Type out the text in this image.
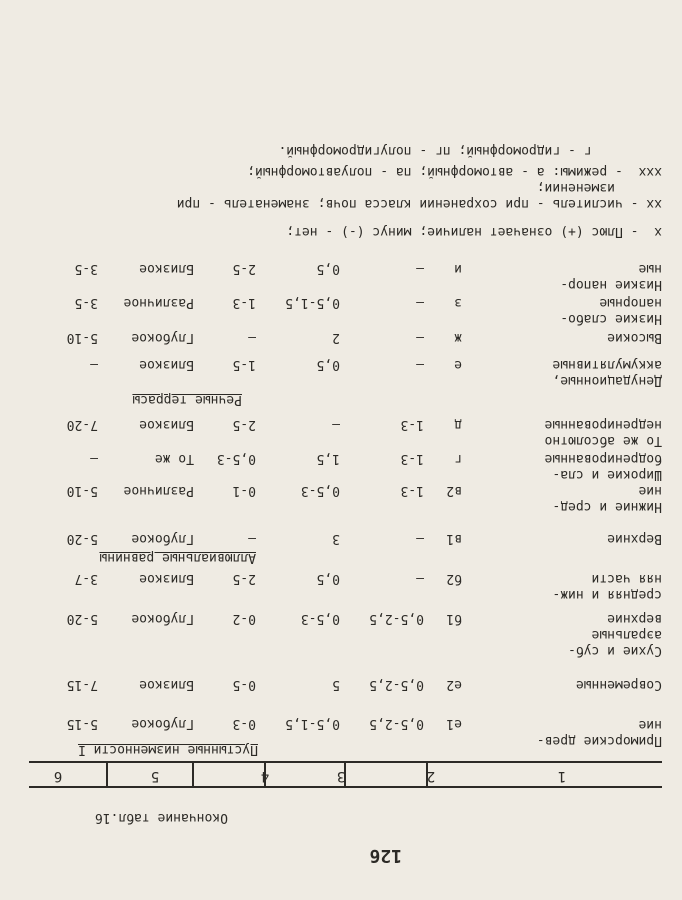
126
Окончание табл.16
1
2
3
4
5
6
Пустынные низменности I
Приморские древ-
ние
е1
0,5-2,5
0,5-1,5
0-3
Глубокое
5-15
Современные
е2
0,5-2,5
5
0-5
Близкое
7-15
Сухие и суб-
аэральные
верхние
б1
0,5-2,5
0,5-3
0-2
Глубокое
5-20
средняя и ниж-
няя части
б2
–
0,5
2-5
Близкое
3-7
Аллювиальные равнины
Верхние
в1
–
3
–
Глубокое
5-20
Нижние и сред-
ние
в2
1-3
0,5-3
0-1
Различное
5-10
Широкие и сла-
бодренированные
г
1-3
1,5
0,5-3
То же
–
То же абсолютно
недренированные
д
1-3
–
2-5
Близкое
7-20
Речные террасы
Денудационные,
аккумулятивные
е
–
0,5
1-5
Близкое
–
Высокие
ж
–
2
–
Глубокое
5-10
Низкие слабо-
напорные
з
–
0,5-1,5
1-3
Различное
3-5
Низкие напор-
ные
и
–
0,5
2-5
Близкое
3-5
х  - Плюс (+) означает наличие; минус (-) - нет;
хх - числитель - при сохранении класса почв; знаменатель - при
изменении;
ххх  - режимы: а - автоморфный; па - полуавтоморфный;
г - гидроморфный; пг - полугидроморфный.
